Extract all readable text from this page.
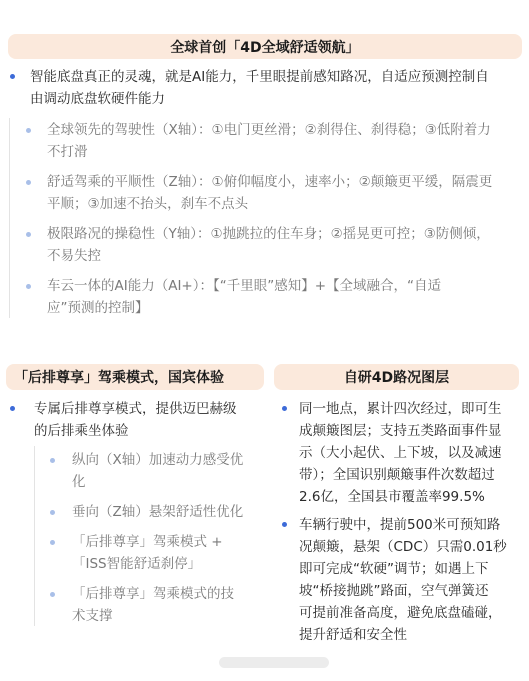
全球首创「4D全域舒适领航」
智能底盘真正的灵魂，就是AI能力，千里眼提前感知路况，自适应预测控制自
由调动底盘软硬件能力
全球领先的驾驶性（X轴）：①电门更丝滑；②刹得住、刹得稳；③低附着力
不打滑
舒适驾乘的平顺性（Z轴）：①俯仰幅度小，速率小；②颠簸更平缓，隔震更
平顺；③加速不抬头，刹车不点头
极限路况的操稳性（Y轴）：①抛跳拉的住车身；②摇晃更可控；③防侧倾，
不易失控
车云一体的AI能力（AI+）：【“千里眼”感知】+【全域融合，“自适
应”预测的控制】
「后排尊享」驾乘模式，国宾体验
专属后排尊享模式，提供迈巴赫级
的后排乘坐体验
纵向（X轴）加速动力感受优
化
垂向（Z轴）悬架舒适性优化
「后排尊享」驾乘模式 +
「ISS智能舒适刹停」
「后排尊享」驾乘模式的技
术支撑
自研4D路况图层
同一地点，累计四次经过，即可生
成颠簸图层；支持五类路面事件显
示（大小起伏、上下坡，以及减速
带）；全国识别颠簸事件次数超过
2.6亿，全国县市覆盖率99.5%
车辆行驶中，提前500米可预知路
况颠簸，悬架（CDC）只需0.01秒
即可完成“软硬”调节；如遇上下
坡“桥接抛跳”路面，空气弹簧还
可提前准备高度，避免底盘磕碰，
提升舒适和安全性
